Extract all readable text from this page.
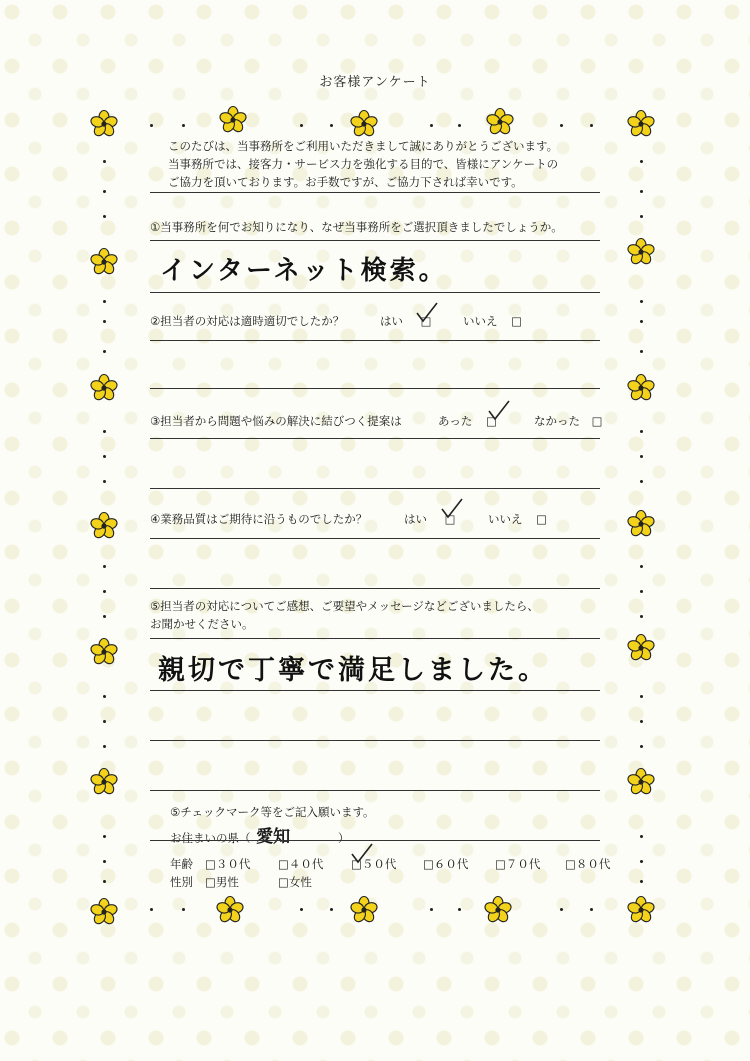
お客様アンケート
このたびは、当事務所をご利用いただきまして誠にありがとうございます。
当事務所では、接客力・サービス力を強化する目的で、皆様にアンケートの
ご協力を頂いております。お手数ですが、ご協力下されば幸いです。
①当事務所を何でお知りになり、なぜ当事務所をご選択頂きましたでしょうか。
インターネット検索。
②担当者の対応は適時適切でしたか？	はい □	いいえ □
③担当者から問題や悩みの解決に結びつく提案は	あった □	なかった □
④業務品質はご期待に沿うものでしたか？	はい □	いいえ □
⑤担当者の対応についてご感想、ご要望やメッセージなどございましたら、
お聞かせください。
親切で丁寧で満足しました。
⑤チェックマーク等をご記入願います。
お住まいの県（ 愛知	）
年齢 □３０代 □４０代 □５０代 □６０代 □７０代 □８０代
性別 □男性	□女性
